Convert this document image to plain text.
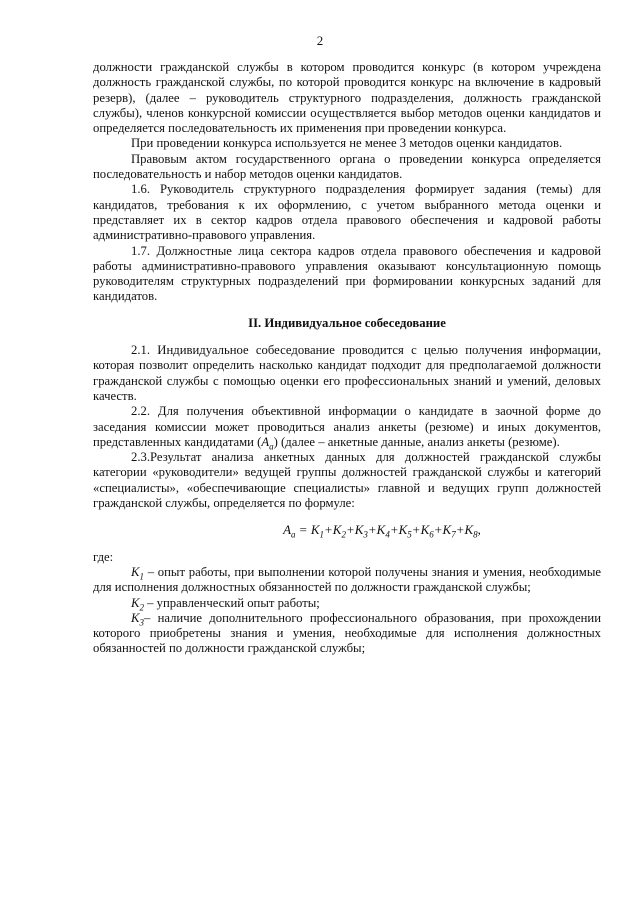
2

должности гражданской службы в котором проводится конкурс (в котором учреждена должность гражданской службы, по которой проводится конкурс на включение в кадровый резерв), (далее – руководитель структурного подразделения, должность гражданской службы), членов конкурсной комиссии осуществляется выбор методов оценки кандидатов и определяется последовательность их применения при проведении конкурса.

При проведении конкурса используется не менее 3 методов оценки кандидатов.

Правовым актом государственного органа о проведении конкурса определяется последовательность и набор методов оценки кандидатов.

1.6. Руководитель структурного подразделения формирует задания (темы) для кандидатов, требования к их оформлению, с учетом выбранного метода оценки и представляет их в сектор кадров отдела правового обеспечения и кадровой работы административно-правового управления.

1.7. Должностные лица сектора кадров отдела правового обеспечения и кадровой работы административно-правового управления оказывают консультационную помощь руководителям структурных подразделений при формировании конкурсных заданий для кандидатов.

II. Индивидуальное собеседование

2.1. Индивидуальное собеседование проводится с целью получения информации, которая позволит определить насколько кандидат подходит для предполагаемой должности гражданской службы с помощью оценки его профессиональных знаний и умений, деловых качеств.

2.2. Для получения объективной информации о кандидате в заочной форме до заседания комиссии может проводиться анализ анкеты (резюме) и иных документов, представленных кандидатами $(A_а)$ (далее – анкетные данные, анализ анкеты (резюме).

2.3.Результат анализа анкетных данных для должностей гражданской службы категории «руководители» ведущей группы должностей гражданской службы и категорий «специалисты», «обеспечивающие специалисты» главной и ведущих групп должностей гражданской службы, определяется по формуле:

$A_а = K_1+K_2+K_3+K_4+K_5+K_6+K_7+K_8$,

где:

$K_1$ – опыт работы, при выполнении которой получены знания и умения, необходимые для исполнения должностных обязанностей по должности гражданской службы;

$K_2$ – управленческий опыт работы;

$K_3-$ наличие дополнительного профессионального образования, при прохождении которого приобретены знания и умения, необходимые для исполнения должностных обязанностей по должности гражданской службы;
